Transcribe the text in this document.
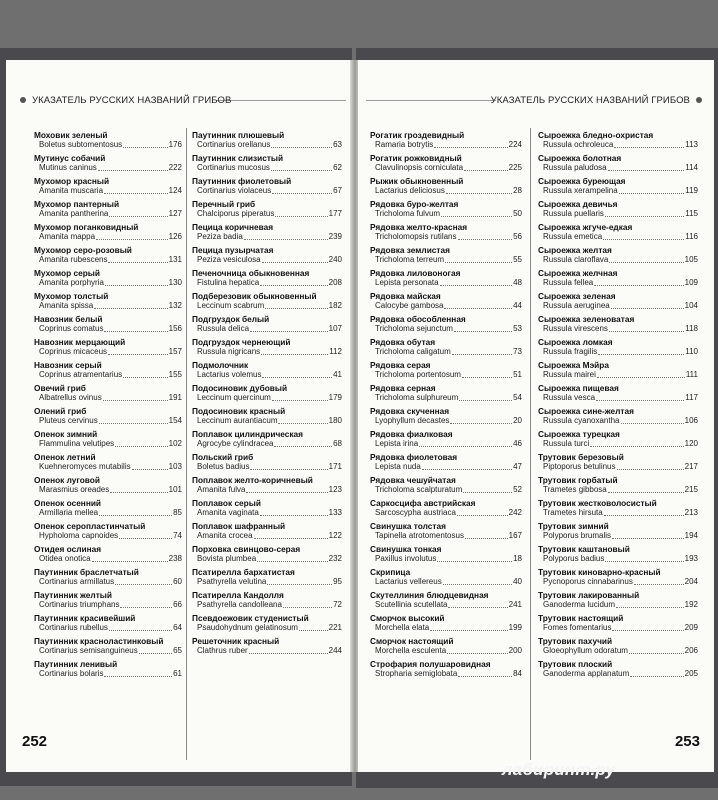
УКАЗАТЕЛЬ РУССКИХ НАЗВАНИЙ ГРИБОВ
Моховик зеленый
Boletus subtomentosus	176
Мутинус собачий
Mutinus caninus	222
Мухомор красный
Amanita muscaria	124
Мухомор пантерный
Amanita pantherina	127
Мухомор поганковидный
Amanita mappa	126
Мухомор серо-розовый
Amanita rubescens	131
Мухомор серый
Amanita porphyria	130
Мухомор толстый
Amanita spissa	132
Навозник белый
Coprinus comatus	156
Навозник мерцающий
Coprinus micaceus	157
Навозник серый
Coprinus atramentarius	155
Овечий гриб
Albatrellus ovinus	191
Олений гриб
Pluteus cervinus	154
Опенок зимний
Flammulina velutipes	102
Опенок летний
Kuehneromyces mutabilis	103
Опенок луговой
Marasmius oreades	101
Опенок осенний
Armillaria mellea	85
Опенок серопластинчатый
Hypholoma capnoides	74
Отидея ослиная
Otidea onotica	238
Паутинник браслетчатый
Cortinarius armillatus	60
Паутинник желтый
Cortinarius triumphans	66
Паутинник красивейший
Cortinarius rubellus	64
Паутинник красноластинковый
Cortinarius semisanguineus	65
Паутинник ленивый
Cortinarius bolaris	61
Паутинник плюшевый
Cortinarius orellanus	63
Паутинник слизистый
Cortinarius mucosus	62
Паутинник фиолетовый
Cortinarius violaceus	67
Перечный гриб
Chalciporus piperatus	177
Пецица коричневая
Peziza badia	239
Пецица пузырчатая
Peziza vesiculosa	240
Печеночница обыкновенная
Fistulina hepatica	208
Подберезовик обыкновенный
Leccinum scabrum	182
Подгруздок белый
Russula delica	107
Подгруздок чернеющий
Russula nigricans	112
Подмолочник
Lactarius volemus	41
Подосиновик дубовый
Leccinum quercinum	179
Подосиновик красный
Leccinum aurantiacum	180
Поплавок цилиндрическая
Agrocybe cylindracea	68
Польский гриб
Boletus badius	171
Поплавок желто-коричневый
Amanita fulva	123
Поплавок серый
Amanita vaginata	133
Поплавок шафранный
Amanita crocea	122
Порховка свинцово-серая
Bovista plumbea	232
Псатирелла бархатистая
Psathyrella velutina	95
Псатирелла Кандолля
Psathyrella candolleana	72
Псевдоежовик студенистый
Psaudohydnum gelatinosum	221
Решеточник красный
Clathrus ruber	244
252
УКАЗАТЕЛЬ РУССКИХ НАЗВАНИЙ ГРИБОВ
Рогатик гроздевидный
Ramaria botrytis	224
Рогатик рожковидный
Clavulinopsis corniculata	225
Рыжик обыкновенный
Lactarius deliciosus	28
Рядовка буро-желтая
Tricholoma fulvum	50
Рядовка желто-красная
Tricholomopsis rutilans	56
Рядовка землистая
Tricholoma terreum	55
Рядовка лиловоногая
Lepista personata	48
Рядовка майская
Calocybe gambosa	44
Рядовка обособленная
Tricholoma sejunctum	53
Рядовка обутая
Tricholoma caligatum	73
Рядовка серая
Tricholoma portentosum	51
Рядовка серная
Tricholoma sulphureum	54
Рядовка скученная
Lyophyllum decastes	20
Рядовка фиалковая
Lepista irina	46
Рядовка фиолетовая
Lepista nuda	47
Рядовка чешуйчатая
Tricholoma scalpturatum	52
Саркосцифа австрийская
Sarcoscypha austriaca	242
Свинушка толстая
Tapinella atrotomentosus	167
Свинушка тонкая
Paxillus involutus	18
Скрипица
Lactarius vellereus	40
Скутеллиния блюдцевидная
Scutellinia scutellata	241
Сморчок высокий
Morchella elata	199
Сморчок настоящий
Morchella esculenta	200
Строфария полушаровидная
Stropharia semiglobata	84
Сыроежка бледно-охристая
Russula ochroleuca	113
Сыроежка болотная
Russula paludosa	114
Сыроежка буреющая
Russula xerampelina	119
Сыроежка девичья
Russula puellaris	115
Сыроежка жгуче-едкая
Russula emetica	116
Сыроежка желтая
Russula claroflava	105
Сыроежка желчная
Russula fellea	109
Сыроежка зеленая
Russula aeruginea	104
Сыроежка зеленоватая
Russula virescens	118
Сыроежка ломкая
Russula fragilis	110
Сыроежка Мэйра
Russula mairei	111
Сыроежка пищевая
Russula vesca	117
Сыроежка сине-желтая
Russula cyanoxantha	106
Сыроежка турецкая
Russula turci	120
Трутовик березовый
Piptoporus betulinus	217
Трутовик горбатый
Trametes gibbosa	215
Трутовик жестковолосистый
Trametes hirsuta	213
Трутовик зимний
Polyporus brumalis	194
Трутовик каштановый
Polyporus badius	193
Трутовик киноварно-красный
Pycnoporus cinnabarinus	204
Трутовик лакированный
Ganoderma lucidum	192
Трутовик настоящий
Fomes fomentarius	209
Трутовик пахучий
Gloeophyllum odoratum	206
Трутовик плоский
Ganoderma applanatum	205
253
лабиринт.ру
